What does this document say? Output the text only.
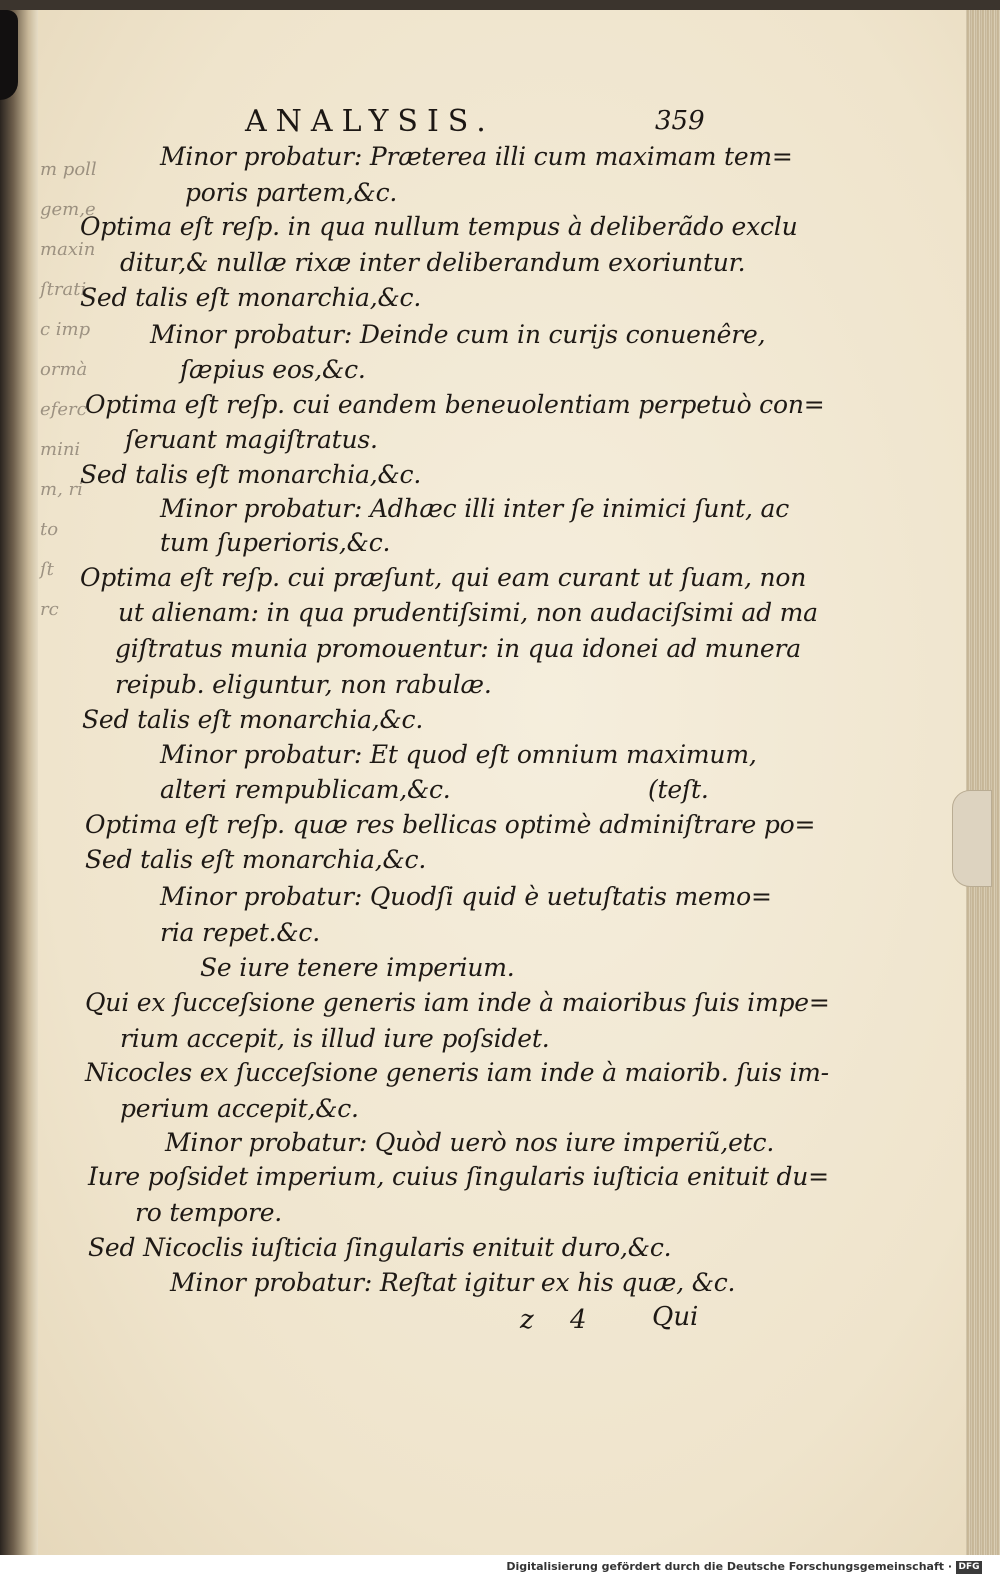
m poll
gem,e
maxin
ſtrati
c imp
ormà
eferc
mini
m, ri
to
ſt
rc
ANALYSIS.	359
Minor probatur: Præterea illi cum maximam tem=
poris partem,&c.
Optima eſt reſp. in qua nullum tempus à deliberãdo exclu
ditur,& nullæ rixæ inter deliberandum exoriuntur.
Sed talis eſt monarchia,&c.
Minor probatur: Deinde cum in curijs conuenêre,
ſæpius eos,&c.
Optima eſt reſp. cui eandem beneuolentiam perpetuò con=
ſeruant magiſtratus.
Sed talis eſt monarchia,&c.
Minor probatur: Adhæc illi inter ſe inimici ſunt, ac
tum ſuperioris,&c.
Optima eſt reſp. cui præſunt, qui eam curant ut ſuam, non
ut alienam: in qua prudentiſsimi, non audaciſsimi ad ma
giſtratus munia promouentur: in qua idonei ad munera
reipub. eliguntur, non rabulæ.
Sed talis eſt monarchia,&c.
Minor probatur: Et quod eſt omnium maximum,
alteri rempublicam,&c.	(teſt.
Optima eſt reſp. quæ res bellicas optimè adminiſtrare po=
Sed talis eſt monarchia,&c.
Minor probatur: Quodſi quid è uetuſtatis memo=
ria repet.&c.
Se iure tenere imperium.
Qui ex ſucceſsione generis iam inde à maioribus ſuis impe=
rium accepit, is illud iure poſsidet.
Nicocles ex ſucceſsione generis iam inde à maiorib. ſuis im-
perium accepit,&c.
Minor probatur: Quòd uerò nos iure imperiũ,etc.
Iure poſsidet imperium, cuius ſingularis iuſticia enituit du=
ro tempore.
Sed Nicoclis iuſticia ſingularis enituit duro,&c.
Minor probatur: Reſtat igitur ex his quæ, &c.
z 4 Qui
Digitalisierung gefördert durch die Deutsche Forschungsgemeinschaft · DFG
